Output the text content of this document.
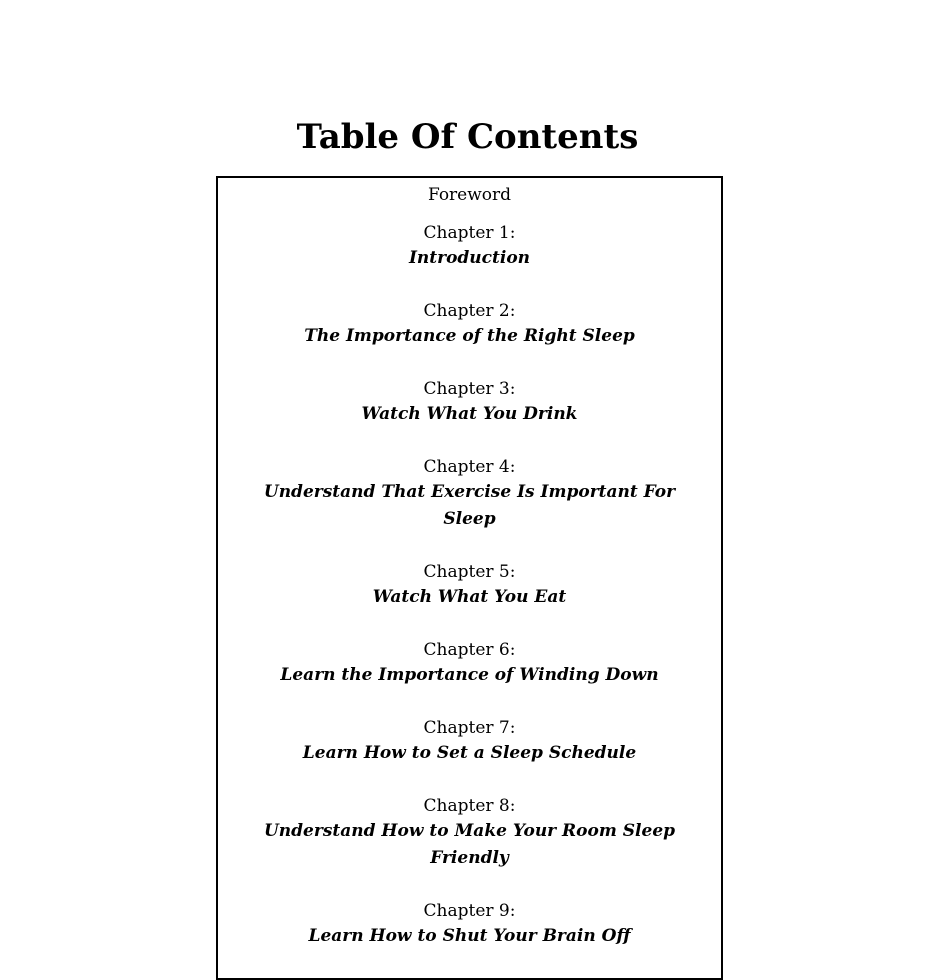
Table Of Contents
Foreword
Chapter 1:
Introduction
Chapter 2:
The Importance of the Right Sleep
Chapter 3:
Watch What You Drink
Chapter 4:
Understand That Exercise Is Important For Sleep
Chapter 5:
Watch What You Eat
Chapter 6:
Learn the Importance of Winding Down
Chapter 7:
Learn How to Set a Sleep Schedule
Chapter 8:
Understand How to Make Your Room Sleep Friendly
Chapter 9:
Learn How to Shut Your Brain Off
